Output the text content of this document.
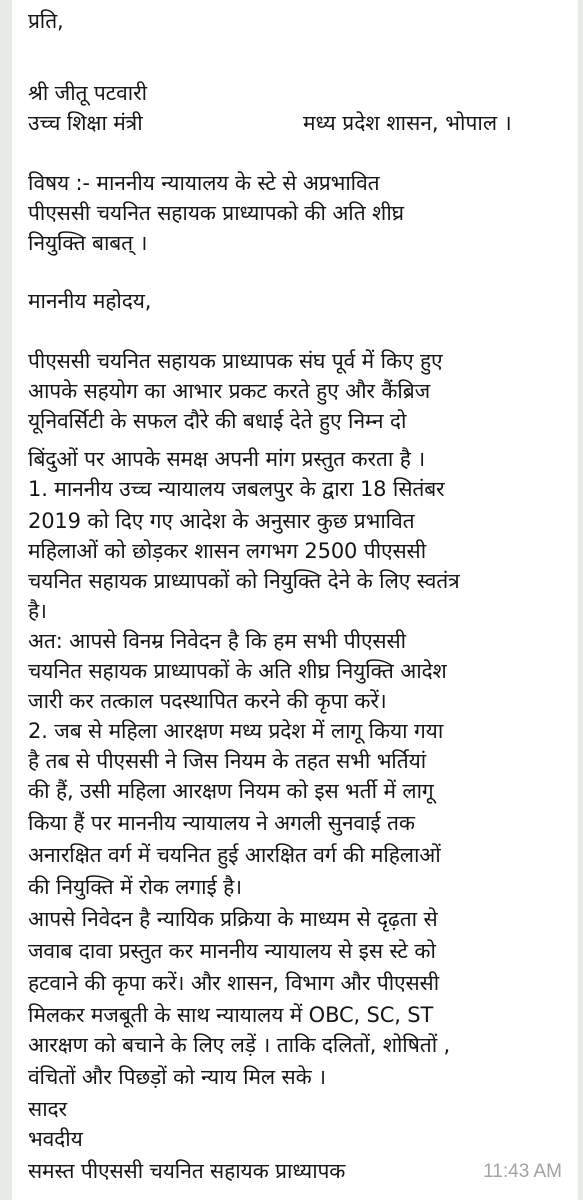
प्रति,
श्री जीतू पटवारी
उच्च शिक्षा मंत्री	मध्य प्रदेश शासन, भोपाल ।
विषय :- माननीय न्यायालय के स्टे से अप्रभावित
पीएससी चयनित सहायक प्राध्यापको की अति शीघ्र
नियुक्ति बाबत् ।
माननीय महोदय,
पीएससी चयनित सहायक प्राध्यापक संघ पूर्व में किए हुए
आपके सहयोग का आभार प्रकट करते हुए और कैंब्रिज
यूनिवर्सिटी के सफल दौरे की बधाई देते हुए निम्न दो
बिंदुओं पर आपके समक्ष अपनी मांग प्रस्तुत करता है ।
1. माननीय उच्च न्यायालय जबलपुर के द्वारा 18 सितंबर
2019 को दिए गए आदेश के अनुसार कुछ प्रभावित
महिलाओं को छोड़कर शासन लगभग 2500 पीएससी
चयनित सहायक प्राध्यापकों को नियुक्ति देने के लिए स्वतंत्र
है।
अत: आपसे विनम्र निवेदन है कि हम सभी पीएससी
चयनित सहायक प्राध्यापकों के अति शीघ्र नियुक्ति आदेश
जारी कर तत्काल पदस्थापित करने की कृपा करें।
2. जब से महिला आरक्षण मध्य प्रदेश में लागू किया गया
है तब से पीएससी ने जिस नियम के तहत सभी भर्तियां
की हैं, उसी महिला आरक्षण नियम को इस भर्ती में लागू
किया हैं पर माननीय न्यायालय ने अगली सुनवाई तक
अनारक्षित वर्ग में चयनित हुई आरक्षित वर्ग की महिलाओं
की नियुक्ति में रोक लगाई है।
आपसे निवेदन है न्यायिक प्रक्रिया के माध्यम से दृढ़ता से
जवाब दावा प्रस्तुत कर माननीय न्यायालय से इस स्टे को
हटवाने की कृपा करें। और शासन, विभाग और पीएससी
मिलकर मजबूती के साथ न्यायालय में OBC, SC, ST
आरक्षण को बचाने के लिए लड़ें । ताकि दलितों, शोषितों ,
वंचितों और पिछड़ों को न्याय मिल सके ।
सादर
भवदीय
समस्त पीएससी चयनित सहायक प्राध्यापक	11:43 AM
